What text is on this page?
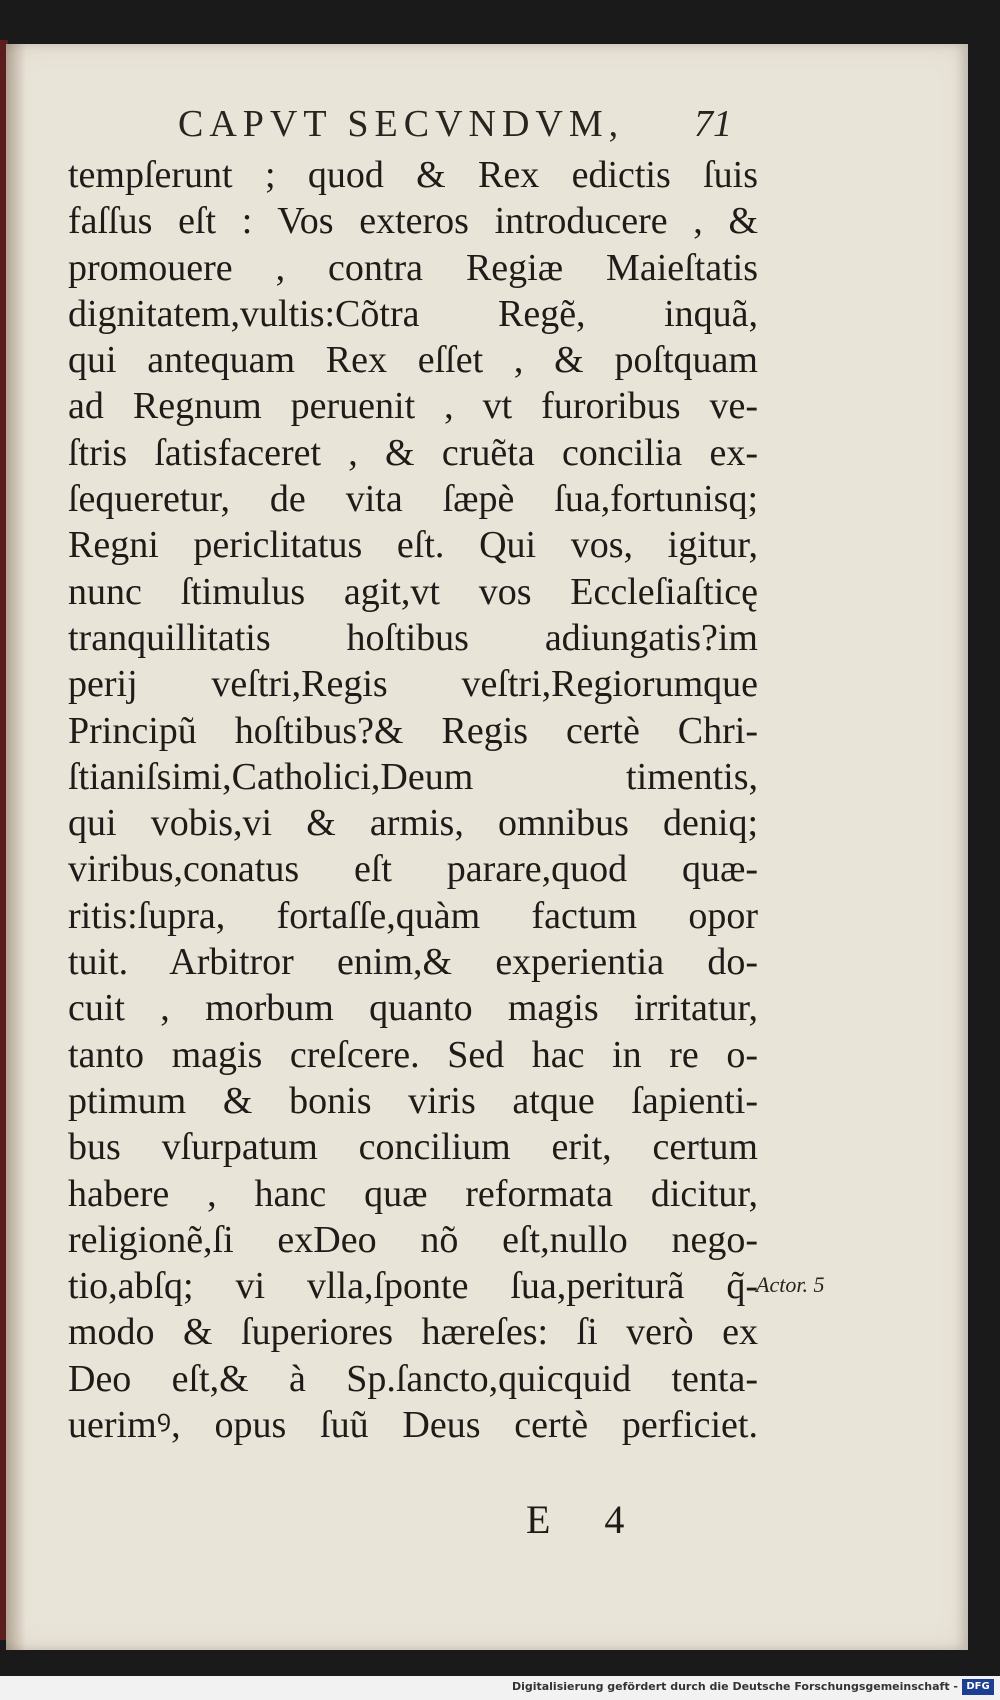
CAPVT SECVNDVM, 71
tempſerunt ; quod & Rex edictis ſuis
faſſus eſt : Vos exteros introducere , &
promouere , contra Regiæ Maieſtatis
dignitatem,vultis:Cõtra Regẽ, inquã,
qui antequam Rex eſſet , & poſtquam
ad Regnum peruenit , vt furoribus ve-
ſtris ſatisfaceret , & cruẽta concilia ex-
ſequeretur, de vita ſæpè ſua,fortunisq;
Regni periclitatus eſt. Qui vos, igitur,
nunc ſtimulus agit,vt vos Eccleſiaſticę
tranquillitatis hoſtibus adiungatis?im
perij veſtri,Regis veſtri,Regiorumque
Principũ hoſtibus?& Regis certè Chri-
ſtianiſsimi,Catholici,Deum timentis,
qui vobis,vi & armis, omnibus deniq;
viribus,conatus eſt parare,quod quæ-
ritis:ſupra, fortaſſe,quàm factum opor
tuit. Arbitror enim,& experientia do-
cuit , morbum quanto magis irritatur,
tanto magis creſcere. Sed hac in re o-
ptimum & bonis viris atque ſapienti-
bus vſurpatum concilium erit, certum
habere , hanc quæ reformata dicitur,
religionẽ,ſi exDeo nõ eſt,nullo nego-
tio,abſq; vi vlla,ſponte ſua,periturã q̃-
modo & ſuperiores hæreſes: ſi verò ex
Deo eſt,& à Sp.ſancto,quicquid tenta-
uerimꝰ, opus ſuũ Deus certè perficiet.
Actor. 5
E 4
Digitalisierung gefördert durch die Deutsche Forschungsgemeinschaft - DFG
